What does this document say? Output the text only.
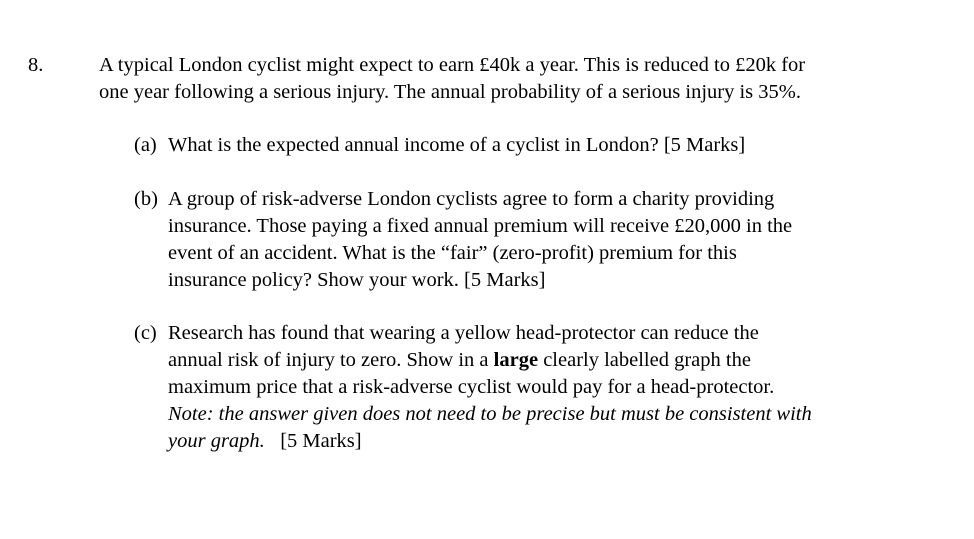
8.	A typical London cyclist might expect to earn £40k a year. This is reduced to £20k for
one year following a serious injury. The annual probability of a serious injury is 35%.
(a) What is the expected annual income of a cyclist in London? [5 Marks]
(b) A group of risk-adverse London cyclists agree to form a charity providing
insurance. Those paying a fixed annual premium will receive £20,000 in the
event of an accident. What is the “fair” (zero-profit) premium for this
insurance policy? Show your work. [5 Marks]
(c) Research has found that wearing a yellow head-protector can reduce the
annual risk of injury to zero. Show in a large clearly labelled graph the
maximum price that a risk-adverse cyclist would pay for a head-protector.
Note: the answer given does not need to be precise but must be consistent with
your graph. [5 Marks]
